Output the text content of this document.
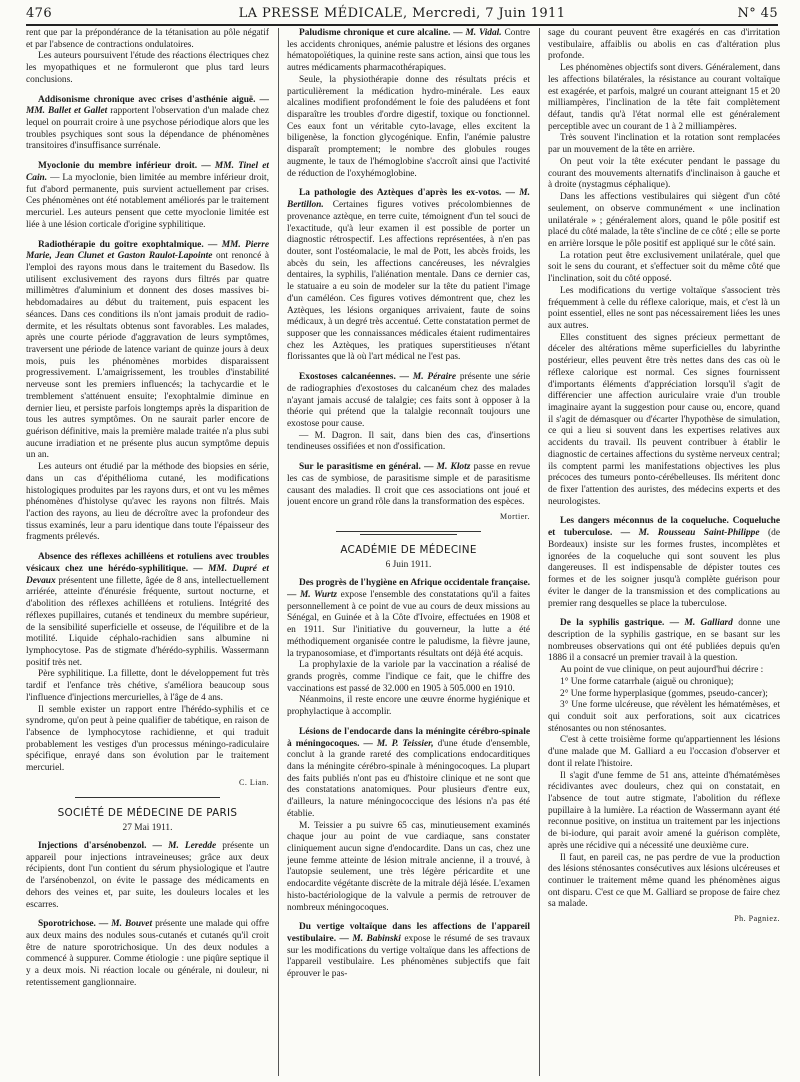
476	LA PRESSE MÉDICALE, Mercredi, 7 Juin 1911	N° 45

rent que par la prépondérance de la tétanisation au pôle négatif et par l'absence de contractions ondulatoires.

Les auteurs poursuivent l'étude des réactions électriques chez les myopathiques et ne formuleront que plus tard leurs conclusions.

Addisonisme chronique avec crises d'asthénie aiguë. — MM. Ballet et Gallet rapportent l'observation d'un malade chez lequel on pourrait croire à une psychose périodique alors que les troubles psychiques sont sous la dépendance de phénomènes transitoires d'insuffisance surrénale.

Myoclonie du membre inférieur droit. — MM. Tinel et Cain. — La myoclonie, bien limitée au membre inférieur droit, fut d'abord permanente, puis survient actuellement par crises. Ces phénomènes ont été notablement améliorés par le traitement mercuriel. Les auteurs pensent que cette myoclonie limitée est liée à une lésion corticale d'origine syphilitique.

Radiothérapie du goitre exophtalmique. — MM. Pierre Marie, Jean Clunet et Gaston Raulot-Lapointe ont renoncé à l'emploi des rayons mous dans le traitement du Basedow. Ils utilisent exclusivement des rayons durs filtrés par quatre millimètres d'aluminium et donnent des doses massives bi-hebdomadaires au début du traitement, puis espacent les séances. Dans ces conditions ils n'ont jamais produit de radio-dermite, et les résultats obtenus sont favorables. Les malades, après une courte période d'aggravation de leurs symptômes, traversent une période de latence variant de quinze jours à deux mois, puis les phénomènes morbides disparaissent progressivement. L'amaigrissement, les troubles d'instabilité nerveuse sont les premiers influencés; la tachycardie et le tremblement s'atténuent ensuite; l'exophtalmie diminue en dernier lieu, et persiste parfois longtemps après la disparition de tous les autres symptômes. On ne saurait parler encore de guérison définitive, mais la première malade traitée n'a plus subi aucune irradiation et ne présente plus aucun symptôme depuis un an.

Les auteurs ont étudié par la méthode des biopsies en série, dans un cas d'épithélioma cutané, les modifications histologiques produites par les rayons durs, et ont vu les mêmes phénomènes d'histolyse qu'avec les rayons non filtrés. Mais l'action des rayons, au lieu de décroître avec la profondeur des tissus examinés, leur a paru identique dans toute l'épaisseur des fragments prélevés.

Absence des réflexes achilléens et rotuliens avec troubles vésicaux chez une hérédo-syphilitique. — MM. Dupré et Devaux présentent une fillette, âgée de 8 ans, intellectuellement arriérée, atteinte d'énurésie fréquente, surtout nocturne, et d'abolition des réflexes achilléens et rotuliens. Intégrité des réflexes pupillaires, cutanés et tendineux du membre supérieur, de la sensibilité superficielle et osseuse, de l'équilibre et de la motilité. Liquide céphalo-rachidien sans albumine ni lymphocytose. Pas de stigmate d'hérédo-syphilis. Wassermann positif très net.

Père syphilitique. La fillette, dont le développement fut très tardif et l'enfance très chétive, s'améliora beaucoup sous l'influence d'injections mercurielles, à l'âge de 4 ans.

Il semble exister un rapport entre l'hérédo-syphilis et ce syndrome, qu'on peut à peine qualifier de tabétique, en raison de l'absence de lymphocytose rachidienne, et qui traduit probablement les vestiges d'un processus méningo-radiculaire spécifique, enrayé dans son évolution par le traitement mercuriel.

C. Lian.

SOCIÉTÉ DE MÉDECINE DE PARIS

27 Mai 1911.

Injections d'arsénobenzol. — M. Leredde présente un appareil pour injections intraveineuses; grâce aux deux récipients, dont l'un contient du sérum physiologique et l'autre de l'arsénobenzol, on évite le passage des médicaments en dehors des veines et, par suite, les douleurs locales et les escarres.

Sporotrichose. — M. Bouvet présente une malade qui offre aux deux mains des nodules sous-cutanés et cutanés qu'il croit être de nature sporotrichosique. Un des deux nodules a commencé à suppurer. Comme étiologie : une piqûre septique il y a deux mois. Ni réaction locale ou générale, ni douleur, ni retentissement ganglionnaire.

Paludisme chronique et cure alcaline. — M. Vidal. Contre les accidents chroniques, anémie palustre et lésions des organes hématopoïétiques, la quinine reste sans action, ainsi que tous les autres médicaments pharmacothérapiques.

Seule, la physiothérapie donne des résultats précis et particulièrement la médication hydro-minérale. Les eaux alcalines modifient profondément le foie des paludéens et font disparaître les troubles d'ordre digestif, toxique ou fonctionnel. Ces eaux font un véritable cyto-lavage, elles excitent la biligenèse, la fonction glycogénique. Enfin, l'anémie palustre disparaît promptement; le nombre des globules rouges augmente, le taux de l'hémoglobine s'accroît ainsi que l'activité de réduction de l'oxyhémoglobine.

La pathologie des Aztèques d'après les ex-votos. — M. Bertillon. Certaines figures votives précolombiennes de provenance aztèque, en terre cuite, témoignent d'un tel souci de l'exactitude, qu'à leur examen il est possible de porter un diagnostic rétrospectif. Les affections représentées, à n'en pas douter, sont l'ostéomalacie, le mal de Pott, les abcès froids, les abcès du sein, les affections cancéreuses, les névralgies dentaires, la syphilis, l'aliénation mentale. Dans ce dernier cas, le statuaire a eu soin de modeler sur la tête du patient l'image d'un caméléon. Ces figures votives démontrent que, chez les Aztèques, les lésions organiques arrivaient, faute de soins médicaux, à un degré très accentué. Cette constatation permet de supposer que les connaissances médicales étaient rudimentaires chez les Aztèques, les pratiques superstitieuses n'étant florissantes que là où l'art médical ne l'est pas.

Exostoses calcanéennes. — M. Péraire présente une série de radiographies d'exostoses du calcanéum chez des malades n'ayant jamais accusé de talalgie; ces faits sont à opposer à la théorie qui prétend que la talalgie reconnaît toujours une exostose pour cause.

— M. Dagron. Il sait, dans bien des cas, d'insertions tendineuses ossifiées et non d'ossification.

Sur le parasitisme en général. — M. Klotz passe en revue les cas de symbiose, de parasitisme simple et de parasitisme causant des maladies. Il croit que ces associations ont joué et jouent encore un grand rôle dans la transformation des espèces.

Mortier.

ACADÉMIE DE MÉDECINE

6 Juin 1911.

Des progrès de l'hygiène en Afrique occidentale française. — M. Wurtz expose l'ensemble des constatations qu'il a faites personnellement à ce point de vue au cours de deux missions au Sénégal, en Guinée et à la Côte d'Ivoire, effectuées en 1908 et en 1911. Sur l'initiative du gouverneur, la lutte a été méthodiquement organisée contre le paludisme, la fièvre jaune, la trypanosomiase, et d'importants résultats ont déjà été acquis.

La prophylaxie de la variole par la vaccination a réalisé de grands progrès, comme l'indique ce fait, que le chiffre des vaccinations est passé de 32.000 en 1905 à 505.000 en 1910.

Néanmoins, il reste encore une œuvre énorme hygiénique et prophylactique à accomplir.

Lésions de l'endocarde dans la méningite cérébro-spinale à méningocoques. — M. P. Teissier, d'une étude d'ensemble, conclut à la grande rareté des complications endocarditiques dans la méningite cérébro-spinale à méningocoques. La plupart des faits publiés n'ont pas eu d'histoire clinique et ne sont que des constatations anatomiques. Pour plusieurs d'entre eux, d'ailleurs, la nature méningococcique des lésions n'a pas été établie.

M. Teissier a pu suivre 65 cas, minutieusement examinés chaque jour au point de vue cardiaque, sans constater cliniquement aucun signe d'endocardite. Dans un cas, chez une jeune femme atteinte de lésion mitrale ancienne, il a trouvé, à l'autopsie seulement, une très légère péricardite et une endocardite végétante discrète de la mitrale déjà lésée. L'examen histo-bactériologique de la valvule a permis de retrouver de nombreux méningocoques.

Du vertige voltaïque dans les affections de l'appareil vestibulaire. — M. Babinski expose le résumé de ses travaux sur les modifications du vertige voltaïque dans les affections de l'appareil vestibulaire. Les phénomènes subjectifs que fait éprouver le pas-

sage du courant peuvent être exagérés en cas d'irritation vestibulaire, affaiblis ou abolis en cas d'altération plus profonde.

Les phénomènes objectifs sont divers. Généralement, dans les affections bilatérales, la résistance au courant voltaïque est exagérée, et parfois, malgré un courant atteignant 15 et 20 milliampères, l'inclination de la tête fait complètement défaut, tandis qu'à l'état normal elle est généralement perceptible avec un courant de 1 à 2 milliampères.

Très souvent l'inclination et la rotation sont remplacées par un mouvement de la tête en arrière.

On peut voir la tête exécuter pendant le passage du courant des mouvements alternatifs d'inclinaison à gauche et à droite (nystagmus céphalique).

Dans les affections vestibulaires qui siègent d'un côté seulement, on observe communément « une inclination unilatérale » ; généralement alors, quand le pôle positif est placé du côté malade, la tête s'incline de ce côté ; elle se porte en arrière lorsque le pôle positif est appliqué sur le côté sain.

La rotation peut être exclusivement unilatérale, quel que soit le sens du courant, et s'effectuer soit du même côté que l'inclination, soit du côté opposé.

Les modifications du vertige voltaïque s'associent très fréquemment à celle du réflexe calorique, mais, et c'est là un point essentiel, elles ne sont pas nécessairement liées les unes aux autres.

Elles constituent des signes précieux permettant de déceler des altérations même superficielles du labyrinthe postérieur, elles peuvent être très nettes dans des cas où le réflexe calorique est normal. Ces signes fournissent d'importants éléments d'appréciation lorsqu'il s'agit de différencier une affection auriculaire vraie d'un trouble imaginaire ayant la suggestion pour cause ou, encore, quand il s'agit de démasquer ou d'écarter l'hypothèse de simulation, ce qui a lieu si souvent dans les expertises relatives aux accidents du travail. Ils peuvent contribuer à établir le diagnostic de certaines affections du système nerveux central; ils comptent parmi les manifestations objectives les plus précoces des tumeurs ponto-cérébelleuses. Ils méritent donc de fixer l'attention des auristes, des médecins experts et des neurologistes.

Les dangers méconnus de la coqueluche. Coqueluche et tuberculose. — M. Rousseau Saint-Philippe (de Bordeaux) insiste sur les formes frustes, incomplètes et ignorées de la coqueluche qui sont souvent les plus dangereuses. Il est indispensable de dépister toutes ces formes et de les soigner jusqu'à complète guérison pour éviter le danger de la transmission et des complications au premier rang desquelles se place la tuberculose.

De la syphilis gastrique. — M. Galliard donne une description de la syphilis gastrique, en se basant sur les nombreuses observations qui ont été publiées depuis qu'en 1886 il a consacré un premier travail à la question.

Au point de vue clinique, on peut aujourd'hui décrire :

1° Une forme catarrhale (aiguë ou chronique);

2° Une forme hyperplasique (gommes, pseudo-cancer);

3° Une forme ulcéreuse, que révèlent les hématémèses, et qui conduit soit aux perforations, soit aux cicatrices sténosantes ou non sténosantes.

C'est à cette troisième forme qu'appartiennent les lésions d'une malade que M. Galliard a eu l'occasion d'observer et dont il relate l'histoire.

Il s'agit d'une femme de 51 ans, atteinte d'hématémèses récidivantes avec douleurs, chez qui on constatait, en l'absence de tout autre stigmate, l'abolition du réflexe pupillaire à la lumière. La réaction de Wassermann ayant été reconnue positive, on institua un traitement par les injections de bi-iodure, qui parait avoir amené la guérison complète, après une récidive qui a nécessité une deuxième cure.

Il faut, en pareil cas, ne pas perdre de vue la production des lésions sténosantes consécutives aux lésions ulcéreuses et continuer le traitement même quand les phénomènes aigus ont disparu. C'est ce que M. Galliard se propose de faire chez sa malade.

Ph. Pagniez.
